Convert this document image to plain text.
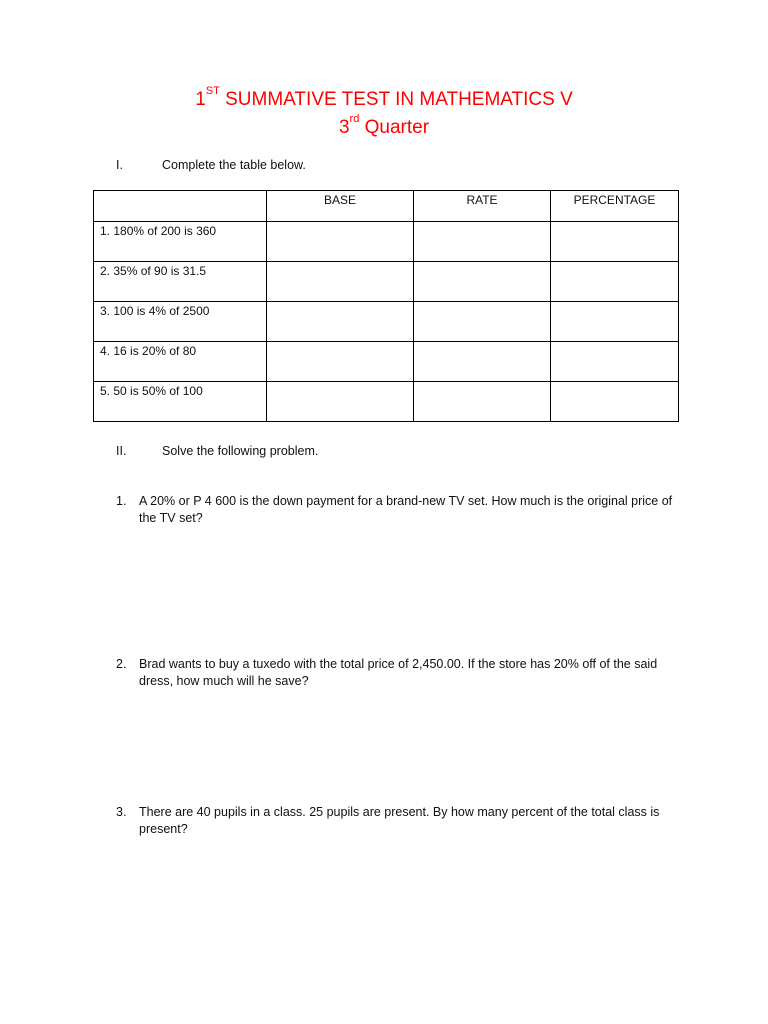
1ST SUMMATIVE TEST IN MATHEMATICS V
3rd Quarter
I.	Complete the table below.
	BASE	RATE	PERCENTAGE
1. 180% of 200 is 360			
2. 35% of 90 is 31.5			
3. 100 is 4% of 2500			
4. 16 is 20% of 80			
5. 50 is 50% of 100			
II.	Solve the following problem.
1. A 20% or P 4 600 is the down payment for a brand-new TV set. How much is the original price of the TV set?
2. Brad wants to buy a tuxedo with the total price of 2,450.00. If the store has 20% off of the said dress, how much will he save?
3. There are 40 pupils in a class. 25 pupils are present. By how many percent of the total class is present?
